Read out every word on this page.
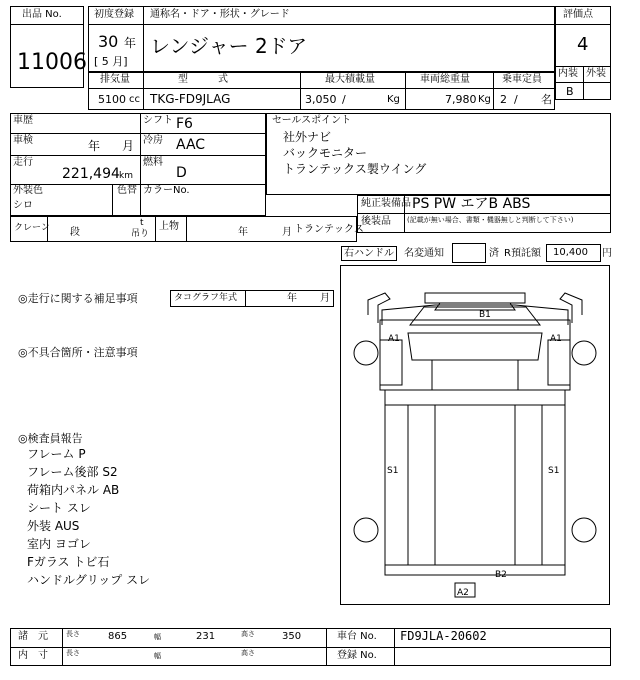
出品 No.
11006
初度登録 通称名・ドア・形状・グレード
30 年
[ 5 月]
レンジャー 2ドア
評価点
4
内装 外装
B
排気量	型　　　式	最大積載量	車両総重量	乗車定員
5100 cc TKG-FD9JLAG	3,050 /	Kg	7,980 Kg 2 / 名
車歴	シフト F6
車検	年 月 冷房 AAC
走行
221,494 km
燃料
D
外装色
シロ
色替 カラーNo.
セールスポイント
社外ナビ
バックモニター
トランテックス製ウイング
純正装備品 PS PW エアB ABS
後装品 (記載が無い場合、書類・機器無しと判断して下さい)
クレーン 段
t
吊り
上物
年	月 トランテックス
右ハンドル 名変通知	済 R預託額 10,400 円
◎走行に関する補足事項	タコグラフ年式	年 月
◎不具合箇所・注意事項
◎検査員報告
フレーム P
フレーム後部 S2
荷箱内パネル AB
シート スレ
外装 AUS
室内 ヨゴレ
Fガラス トビ石
ハンドルグリップ スレ
B1
A1	A1
S1	S1
B2
A2
諸　元	長さ	865	幅	231	高さ	350
内　寸	長さ	幅	高さ
車台 No. FD9JLA-20602
登録 No.
